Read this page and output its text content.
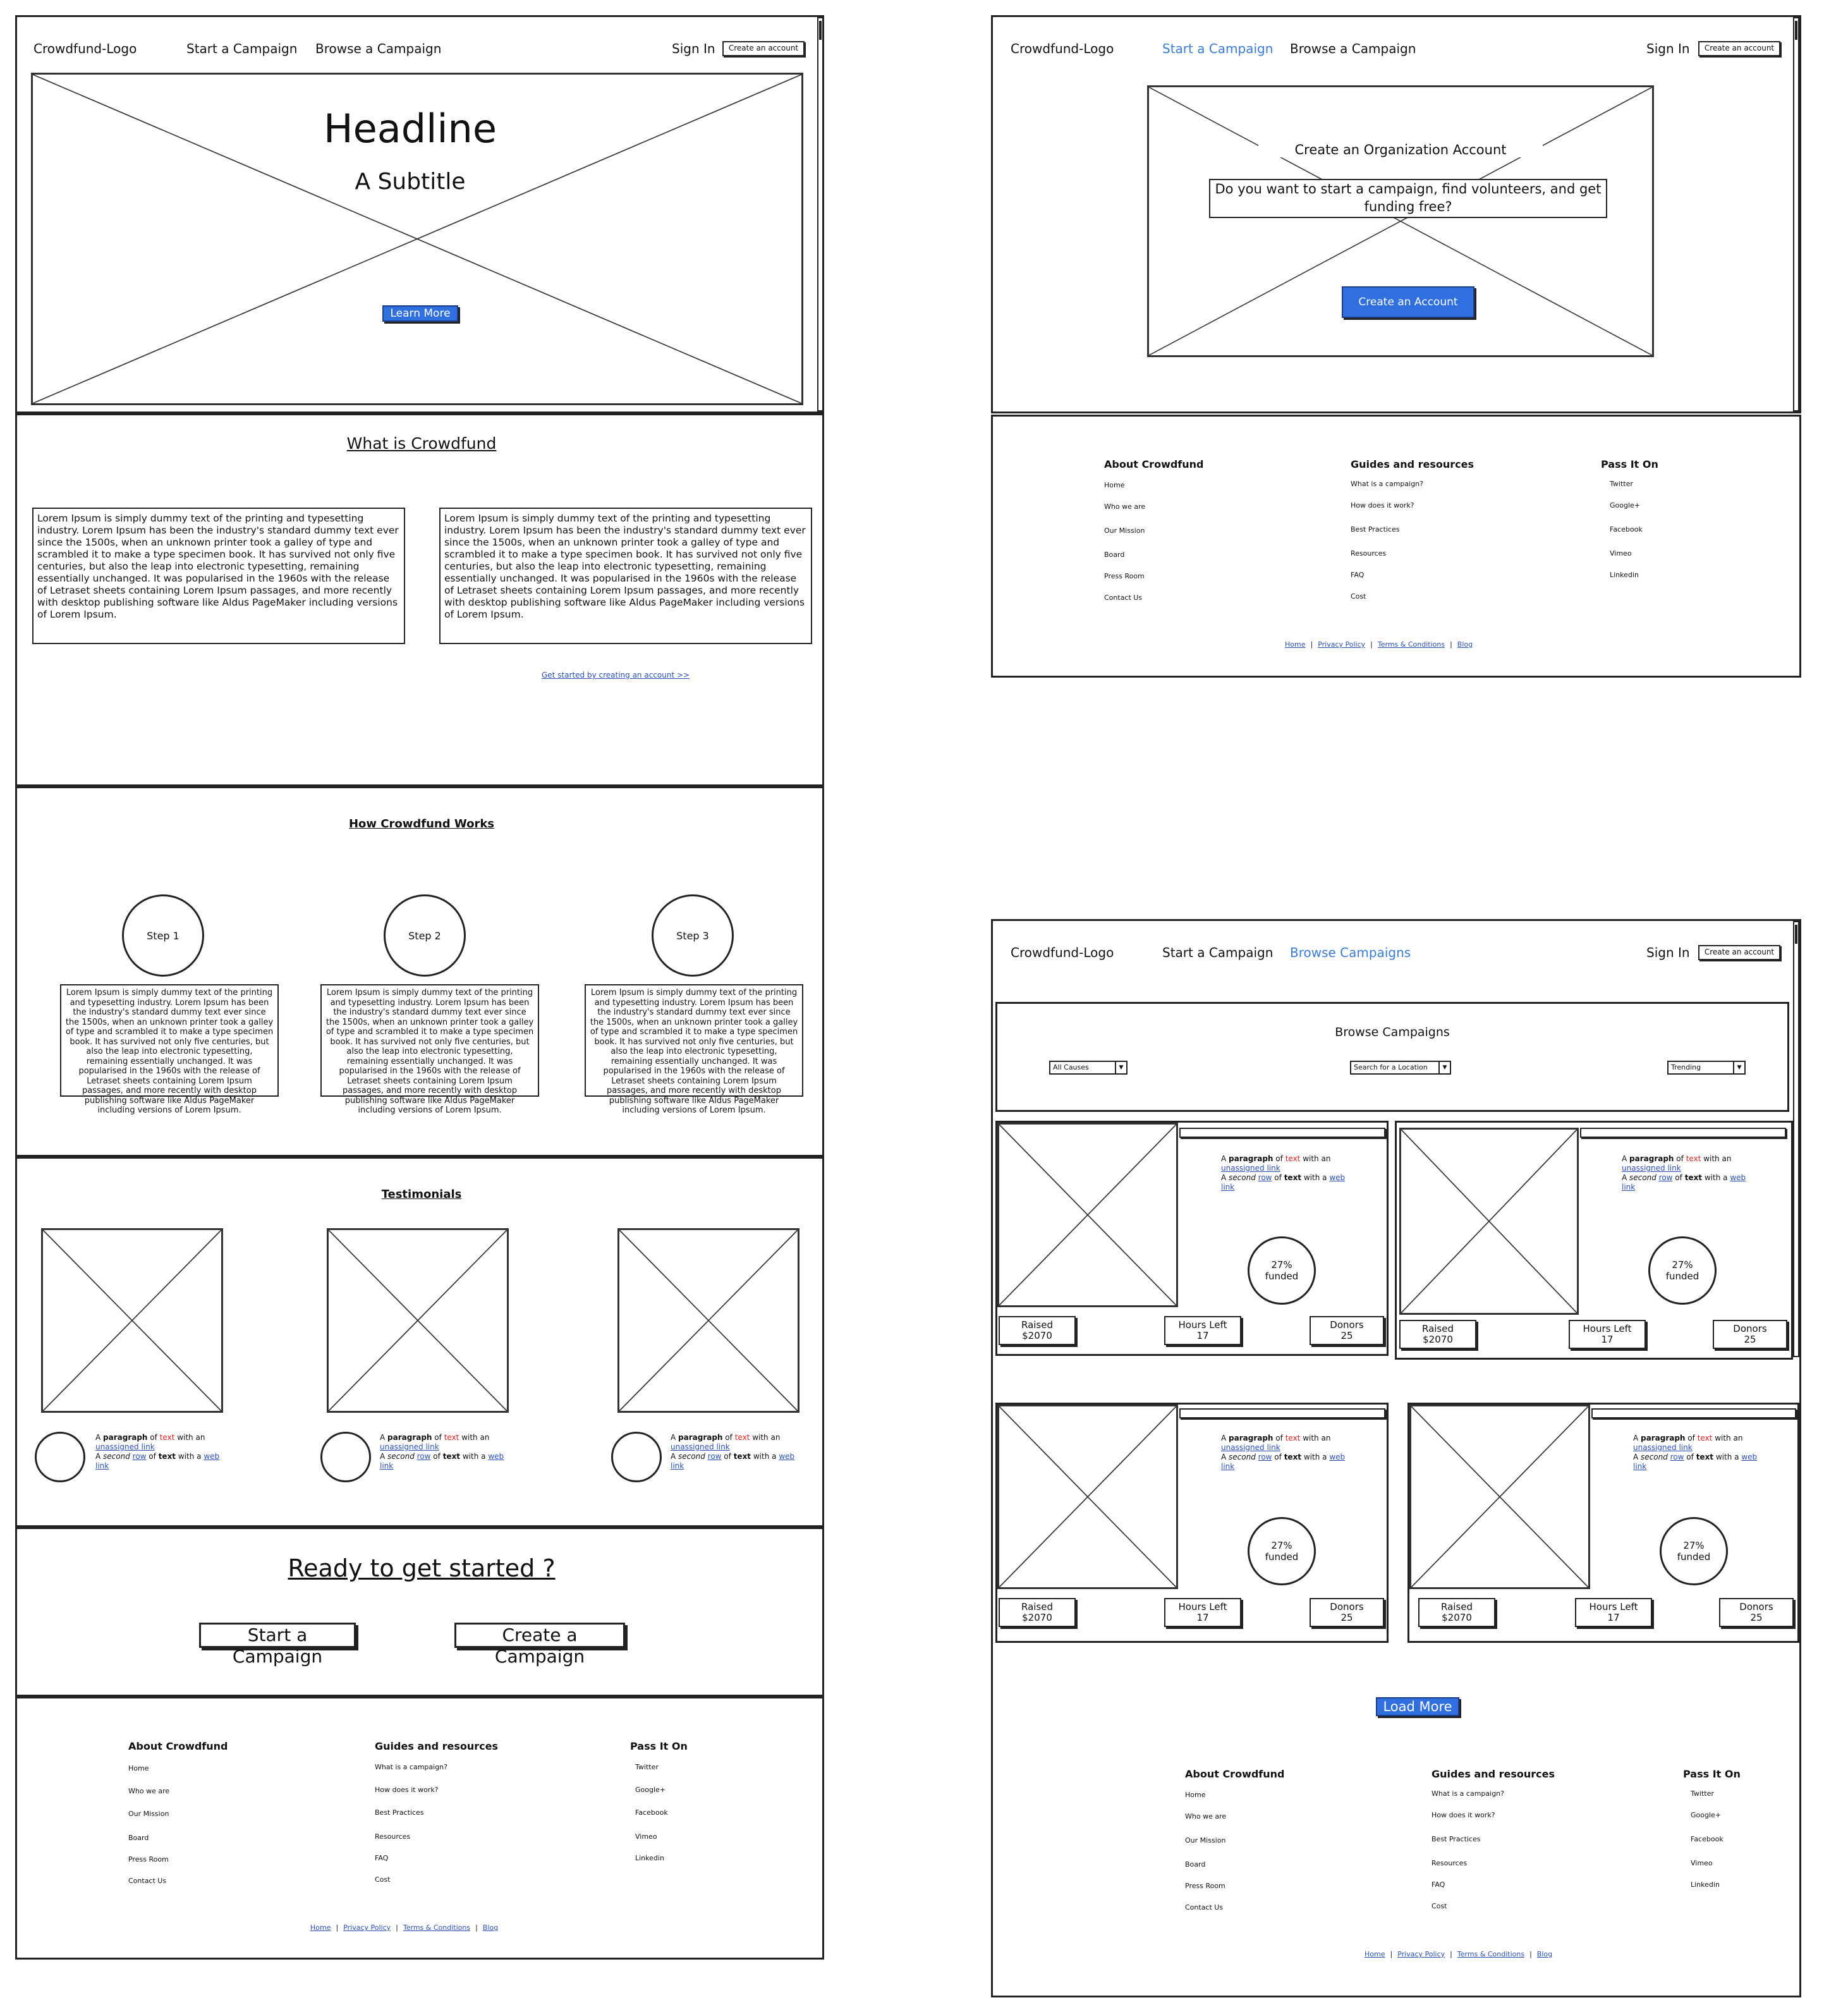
Crowdfund-Logo	Start a Campaign Browse a Campaign	Sign In	Create an account
Headline
A Subtitle
Learn More
What is Crowdfund
Lorem Ipsum is simply dummy text of the printing and typesetting industry. Lorem Ipsum has been the industry's standard dummy text ever since the 1500s, when an unknown printer took a galley of type and scrambled it to make a type specimen book. It has survived not only five centuries, but also the leap into electronic typesetting, remaining essentially unchanged. It was popularised in the 1960s with the release of Letraset sheets containing Lorem Ipsum passages, and more recently with desktop publishing software like Aldus PageMaker including versions of Lorem Ipsum.
Lorem Ipsum is simply dummy text of the printing and typesetting industry. Lorem Ipsum has been the industry's standard dummy text ever since the 1500s, when an unknown printer took a galley of type and scrambled it to make a type specimen book. It has survived not only five centuries, but also the leap into electronic typesetting, remaining essentially unchanged. It was popularised in the 1960s with the release of Letraset sheets containing Lorem Ipsum passages, and more recently with desktop publishing software like Aldus PageMaker including versions of Lorem Ipsum.
Get started by creating an account >>
How Crowdfund Works
Step 1	Step 2	Step 3
Lorem Ipsum is simply dummy text of the printing and typesetting industry. Lorem Ipsum has been the industry's standard dummy text ever since the 1500s, when an unknown printer took a galley of type and scrambled it to make a type specimen book. It has survived not only five centuries, but also the leap into electronic typesetting, remaining essentially unchanged. It was popularised in the 1960s with the release of Letraset sheets containing Lorem Ipsum passages, and more recently with desktop publishing software like Aldus PageMaker including versions of Lorem Ipsum.
Lorem Ipsum is simply dummy text of the printing and typesetting industry. Lorem Ipsum has been the industry's standard dummy text ever since the 1500s, when an unknown printer took a galley of type and scrambled it to make a type specimen book. It has survived not only five centuries, but also the leap into electronic typesetting, remaining essentially unchanged. It was popularised in the 1960s with the release of Letraset sheets containing Lorem Ipsum passages, and more recently with desktop publishing software like Aldus PageMaker including versions of Lorem Ipsum.
Lorem Ipsum is simply dummy text of the printing and typesetting industry. Lorem Ipsum has been the industry's standard dummy text ever since the 1500s, when an unknown printer took a galley of type and scrambled it to make a type specimen book. It has survived not only five centuries, but also the leap into electronic typesetting, remaining essentially unchanged. It was popularised in the 1960s with the release of Letraset sheets containing Lorem Ipsum passages, and more recently with desktop publishing software like Aldus PageMaker including versions of Lorem Ipsum.
Testimonials
A paragraph of text with an
unassigned link
A second row of text with a web
link
A paragraph of text with an
unassigned link
A second row of text with a web
link
A paragraph of text with an
unassigned link
A second row of text with a web
link
Ready to get started ?
Start a Campaign
Create a Campaign
About Crowdfund
Home
Who we are
Our Mission
Board
Press Room
Contact Us
Guides and resources
What is a campaign?
How does it work?
Best Practices
Resources
FAQ
Cost
Pass It On
Twitter
Google+
Facebook
Vimeo
Linkedin
Home | Privacy Policy | Terms & Conditions | Blog
Crowdfund-Logo	Start a Campaign Browse a Campaign	Sign In	Create an account
Create an Organization Account
Do you want to start a campaign, find volunteers, and get funding free?
Create an Account
About Crowdfund
Home
Who we are
Our Mission
Board
Press Room
Contact Us
Guides and resources
What is a campaign?
How does it work?
Best Practices
Resources
FAQ
Cost
Pass It On
Twitter
Google+
Facebook
Vimeo
Linkedin
Home | Privacy Policy | Terms & Conditions | Blog
Crowdfund-Logo	Start a Campaign Browse Campaigns	Sign In	Create an account
Browse Campaigns
All Causes	▼	Search for a Location	▼	Trending	▼
A paragraph of text with an
unassigned link
A second row of text with a web
link
27%
funded
Raised
$2070
Hours Left
17
Donors
25
A paragraph of text with an
unassigned link
A second row of text with a web
link
27%
funded
Raised
$2070
Hours Left
17
Donors
25
A paragraph of text with an
unassigned link
A second row of text with a web
link
27%
funded
Raised
$2070
Hours Left
17
Donors
25
A paragraph of text with an
unassigned link
A second row of text with a web
link
27%
funded
Raised
$2070
Hours Left
17
Donors
25
Load More
About Crowdfund
Home
Who we are
Our Mission
Board
Press Room
Contact Us
Guides and resources
What is a campaign?
How does it work?
Best Practices
Resources
FAQ
Cost
Pass It On
Twitter
Google+
Facebook
Vimeo
Linkedin
Home | Privacy Policy | Terms & Conditions | Blog
